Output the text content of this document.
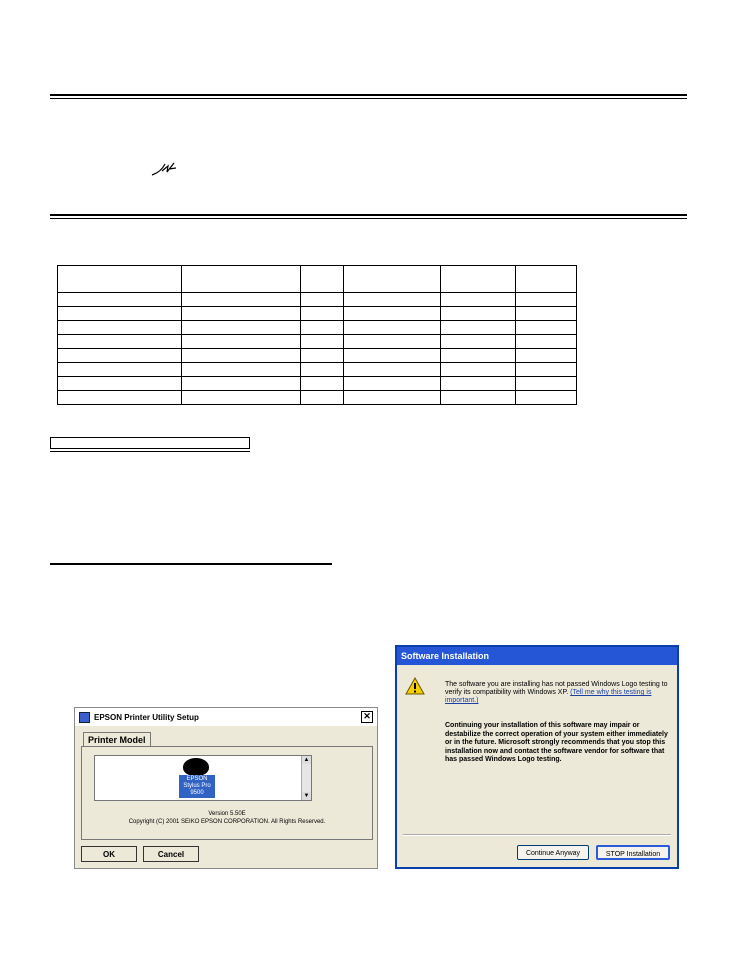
EPSON Printer Utility Setup	✕
Printer Model
EPSON
Stylus Pro
9500
▲
▼
Version 5.50E
Copyright (C) 2001 SEIKO EPSON CORPORATION. All Rights Reserved.
OK	Cancel
Software Installation
The software you are installing has not passed Windows Logo testing to verify its compatibility with Windows XP. (Tell me why this testing is important.)
Continuing your installation of this software may impair or destabilize the correct operation of your system either immediately or in the future. Microsoft strongly recommends that you stop this installation now and contact the software vendor for software that has passed Windows Logo testing.
Continue Anyway	STOP Installation
